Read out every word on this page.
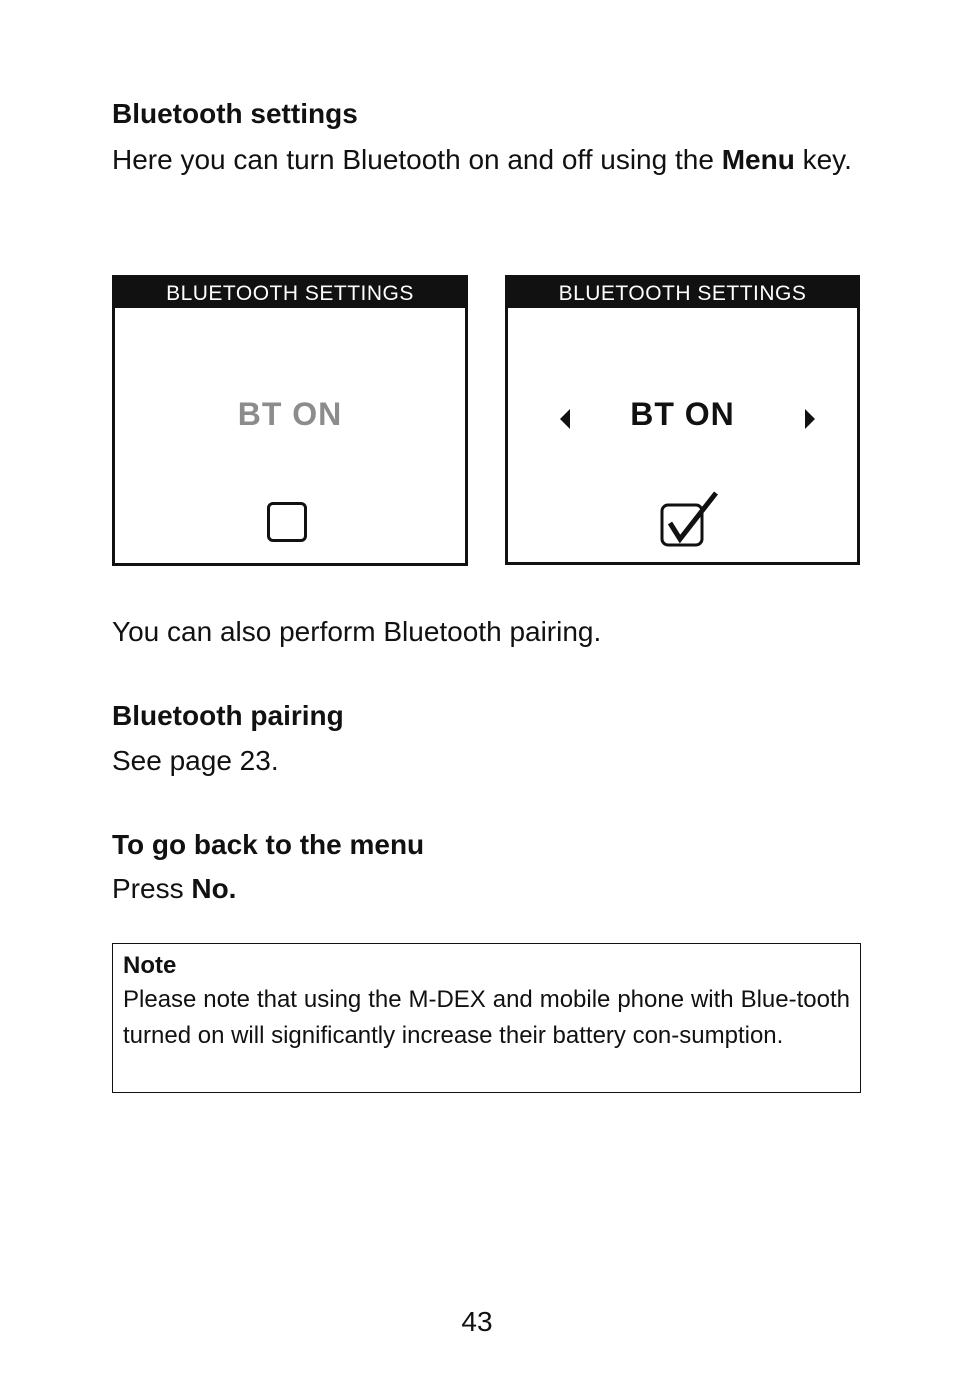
Bluetooth settings

Here you can turn Bluetooth on and off using the Menu key.

BLUETOOTH SETTINGS
BT ON
BLUETOOTH SETTINGS
BT ON

You can also perform Bluetooth pairing.

Bluetooth pairing

See page 23.

To go back to the menu

Press No.

Note

Please note that using the M-DEX and mobile phone with Blue-tooth turned on will significantly increase their battery con-sumption.

43
